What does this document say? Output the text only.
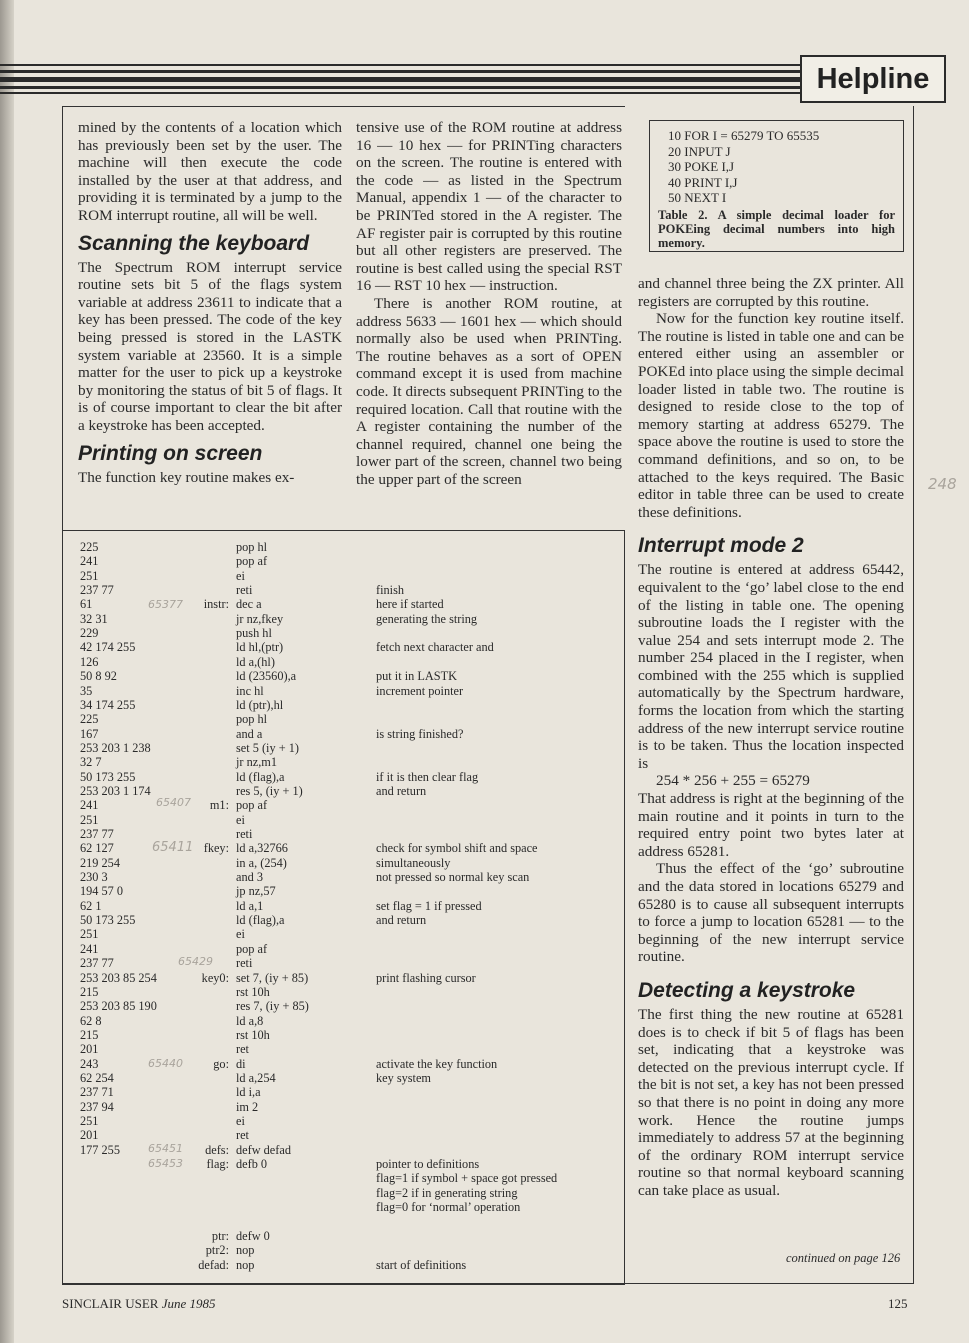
Helpline

mined by the contents of a location which has previously been set by the user. The machine will then execute the code installed by the user at that address, and providing it is terminated by a jump to the ROM interrupt routine, all will be well.

Scanning the keyboard

The Spectrum ROM interrupt service routine sets bit 5 of the flags system variable at address 23611 to indicate that a key has been pressed. The code of the key being pressed is stored in the LASTK system variable at 23560. It is a simple matter for the user to pick up a keystroke by monitoring the status of bit 5 of flags. It is of course important to clear the bit after a keystroke has been accepted.

Printing on screen

The function key routine makes ex-

tensive use of the ROM routine at address 16 — 10 hex — for PRINTing characters on the screen. The routine is entered with the code — as listed in the Spectrum Manual, appendix 1 — of the character to be PRINTed stored in the A register. The AF register pair is corrupted by this routine but all other registers are preserved. The routine is best called using the special RST 16 — RST 10 hex — instruction.

There is another ROM routine, at address 5633 — 1601 hex — which should normally also be used when PRINTing. The routine behaves as a sort of OPEN command except it is used from machine code. It directs subsequent PRINTing to the required location. Call that routine with the A register containing the number of the channel required, channel one being the lower part of the screen, channel two being the upper part of the screen

10 FOR I = 65279 TO 65535
20 INPUT J
30 POKE I,J
40 PRINT I,J
50 NEXT I
Table 2. A simple decimal loader for POKEing decimal numbers into high memory.

and channel three being the ZX printer. All registers are corrupted by this routine.

Now for the function key routine itself. The routine is listed in table one and can be entered either using an assembler or POKEd into place using the simple decimal loader listed in table two. The routine is designed to reside close to the top of memory starting at address 65279. The space above the routine is used to store the command definitions, and so on, to be attached to the keys required. The Basic editor in table three can be used to create these definitions.

Interrupt mode 2

The routine is entered at address 65442, equivalent to the ‘go’ label close to the end of the listing in table one. The opening subroutine loads the I register with the value 254 and sets interrupt mode 2. The number 254 placed in the I register, when combined with the 255 which is supplied automatically by the Spectrum hardware, forms the location from which the starting address of the new interrupt service routine is to be taken. Thus the location inspected is

254 * 256 + 255 = 65279

That address is right at the beginning of the main routine and it points in turn to the required entry point two bytes later at address 65281.

Thus the effect of the ‘go’ subroutine and the data stored in locations 65279 and 65280 is to cause all subsequent interrupts to force a jump to location 65281 — to the beginning of the new interrupt service routine.

Detecting a keystroke

The first thing the new routine at 65281 does is to check if bit 5 of flags has been set, indicating that a keystroke was detected on the previous interrupt cycle. If the bit is not set, a key has not been pressed so that there is no point in doing any more work. Hence the routine jumps immediately to address 57 at the beginning of the ordinary ROM interrupt service routine so that normal keyboard scanning can take place as usual.

continued on page 126
225	pop hl
241	pop af
251	ei
237 77	reti	finish
61	instr: dec a	here if started
32 31	jr nz,fkey	generating the string
229	push hl
42 174 255	ld hl,(ptr)	fetch next character and
126	ld a,(hl)
50 8 92	ld (23560),a	put it in LASTK
35	inc hl	increment pointer
34 174 255	ld (ptr),hl
225	pop hl
167	and a	is string finished?
253 203 1 238	set 5 (iy + 1)
32 7	jr nz,m1
50 173 255	ld (flag),a	if it is then clear flag
253 203 1 174	res 5, (iy + 1)	and return
241	m1: pop af
251	ei
237 77	reti
62 127	fkey: ld a,32766	check for symbol shift and space
219 254	in a, (254)	simultaneously
230 3	and 3	not pressed so normal key scan
194 57 0	jp nz,57
62 1	ld a,1	set flag = 1 if pressed
50 173 255	ld (flag),a	and return
251	ei
241	pop af
237 77	reti
253 203 85 254	key0: set 7, (iy + 85)	print flashing cursor
215	rst 10h
253 203 85 190	res 7, (iy + 85)
62 8	ld a,8
215	rst 10h
201	ret
243	go: di	activate the key function
62 254	ld a,254	key system
237 71	ld i,a
237 94	im 2
251	ei
201	ret
177 255	defs: defw defad
flag: defb 0	pointer to definitions
flag=1 if symbol + space got pressed
flag=2 if in generating string
flag=0 for ‘normal’ operation
ptr: defw 0
ptr2: nop
defad: nop	start of definitions
65377
65407
65411
65429
65440
65451
65453
248
SINCLAIR USER June 1985	125
